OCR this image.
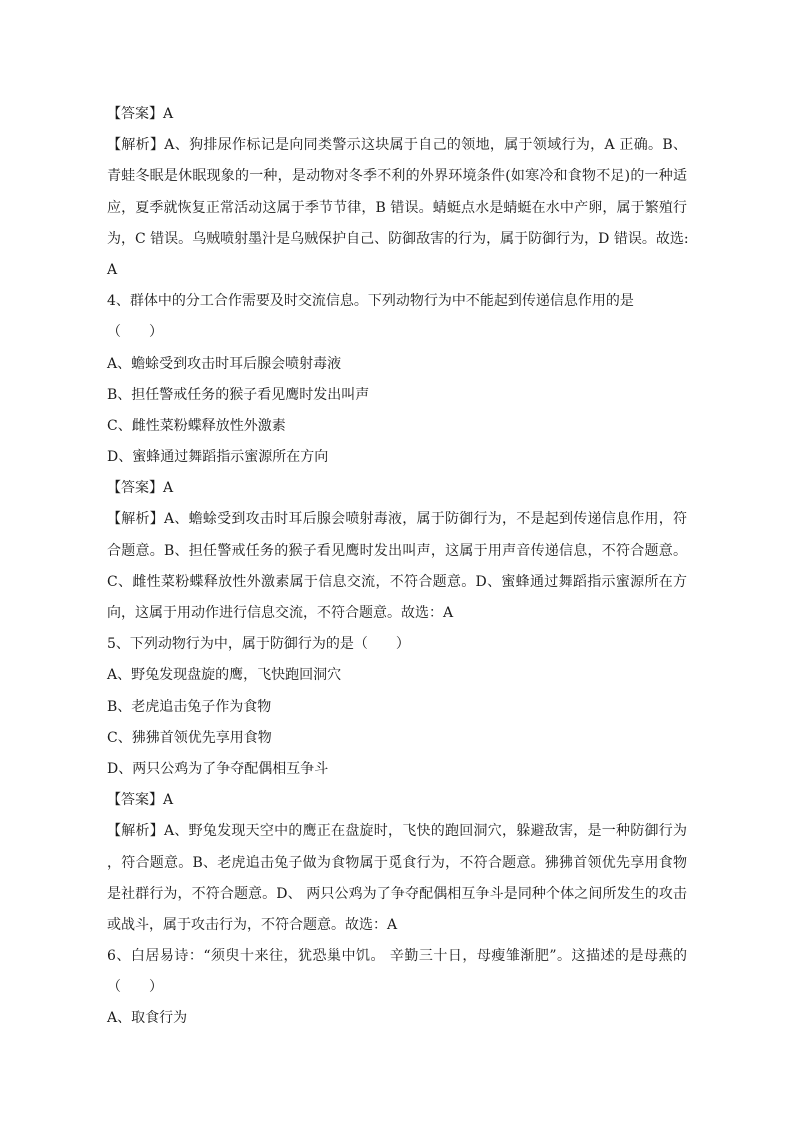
【答案】A
【解析】A、狗排尿作标记是向同类警示这块属于自己的领地，属于领域行为，A 正确。B、
青蛙冬眠是休眠现象的一种，是动物对冬季不利的外界环境条件(如寒冷和食物不足)的一种适
应，夏季就恢复正常活动这属于季节节律，B 错误。蜻蜓点水是蜻蜓在水中产卵，属于繁殖行
为，C 错误。乌贼喷射墨汁是乌贼保护自己、防御敌害的行为，属于防御行为，D 错误。故选:
A
4、群体中的分工合作需要及时交流信息。下列动物行为中不能起到传递信息作用的是
（　　）
A、蟾蜍受到攻击时耳后腺会喷射毒液
B、担任警戒任务的猴子看见鹰时发出叫声
C、雌性菜粉蝶释放性外激素
D、蜜蜂通过舞蹈指示蜜源所在方向
【答案】A
【解析】A、蟾蜍受到攻击时耳后腺会喷射毒液，属于防御行为，不是起到传递信息作用，符
合题意。B、担任警戒任务的猴子看见鹰时发出叫声，这属于用声音传递信息，不符合题意。
C、雌性菜粉蝶释放性外激素属于信息交流，不符合题意。D、蜜蜂通过舞蹈指示蜜源所在方
向，这属于用动作进行信息交流，不符合题意。故选：A
5、下列动物行为中，属于防御行为的是（　　）
A、野兔发现盘旋的鹰，飞快跑回洞穴
B、老虎追击兔子作为食物
C、狒狒首领优先享用食物
D、两只公鸡为了争夺配偶相互争斗
【答案】A
【解析】A、野兔发现天空中的鹰正在盘旋时，飞快的跑回洞穴，躲避敌害，是一种防御行为
，符合题意。B、老虎追击兔子做为食物属于觅食行为，不符合题意。狒狒首领优先享用食物
是社群行为，不符合题意。D、 两只公鸡为了争夺配偶相互争斗是同种个体之间所发生的攻击
或战斗，属于攻击行为，不符合题意。故选：A
6、白居易诗：“须臾十来往，犹恐巢中饥。 辛勤三十日，母瘦雏渐肥”。这描述的是母燕的
（　　）
A、取食行为
